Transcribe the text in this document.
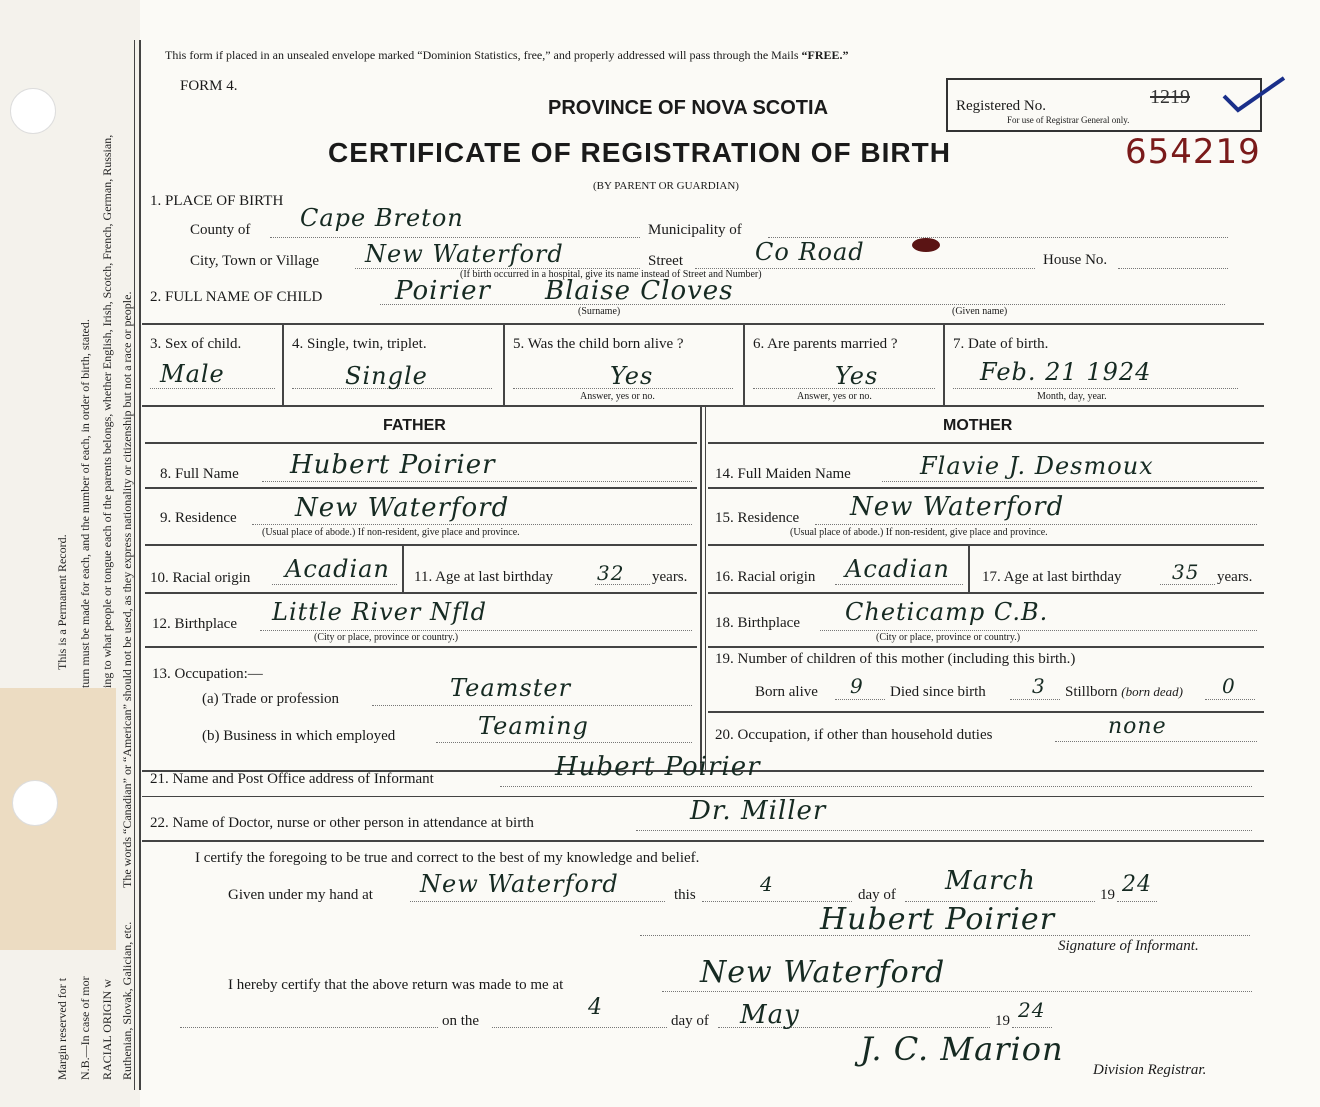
Margin reserved for t
This is a Permanent Record.
N.B.—In case of mor
turn must be made for each, and the number of each, in order of birth, stated.
RACIAL ORIGIN w
ing to what people or tongue each of the parents belongs, whether English, Irish, Scotch, French, German, Russian,
Ruthenian, Slovak, Galician, etc.
The words “Canadian” or “American” should not be used, as they express nationality or citizenship but not a race or people.
This form if placed in an unsealed envelope marked “Dominion Statistics, free,” and properly addressed will pass through the Mails “FREE.”
FORM 4.
PROVINCE OF NOVA SCOTIA
CERTIFICATE OF REGISTRATION OF BIRTH
(BY PARENT OR GUARDIAN)
Registered No.	1219
For use of Registrar General only.
654219
1. PLACE OF BIRTH
County of Cape Breton	Municipality of
City, Town or Village New Waterford	Street	Co Road	House No.
(If birth occurred in a hospital, give its name instead of Street and Number)
2. FULL NAME OF CHILD	Poirier Blaise Cloves
(Surname)	(Given name)
3. Sex of child.
Male
4. Single, twin, triplet.
Single
5. Was the child born alive ?
Yes
Answer, yes or no.
6. Are parents married ?
Yes
Answer, yes or no.
7. Date of birth.
Feb. 21 1924
Month, day, year.
FATHER	MOTHER
8. Full Name Hubert Poirier	14. Full Maiden Name	Flavie J. Desmoux
9. Residence New Waterford
(Usual place of abode.) If non-resident, give place and province.
15. Residence New Waterford
(Usual place of abode.) If non-resident, give place and province.
10. Racial origin Acadian 11. Age at last birthday 32 years. 16. Racial origin Acadian 17. Age at last birthday	35 years.
12. Birthplace Little River Nfld
(City or place, province or country.)
18. Birthplace Cheticamp C.B.
(City or place, province or country.)
13. Occupation:—
(a) Trade or profession	Teamster
(b) Business in which employed	Teaming
19. Number of children of this mother (including this birth.)
Born alive 9 Died since birth 3 Stillborn (born dead) 0
20. Occupation, if other than household duties	none
21. Name and Post Office address of Informant	Hubert Poirier
22. Name of Doctor, nurse or other person in attendance at birth	Dr. Miller
I certify the foregoing to be true and correct to the best of my knowledge and belief.
Given under my hand at New Waterford	this	4	day of March	19 24
Hubert Poirier
Signature of Informant.
I hereby certify that the above return was made to me at	New Waterford
on the
4
day of May	19 24
J. C. Marion
Division Registrar.
